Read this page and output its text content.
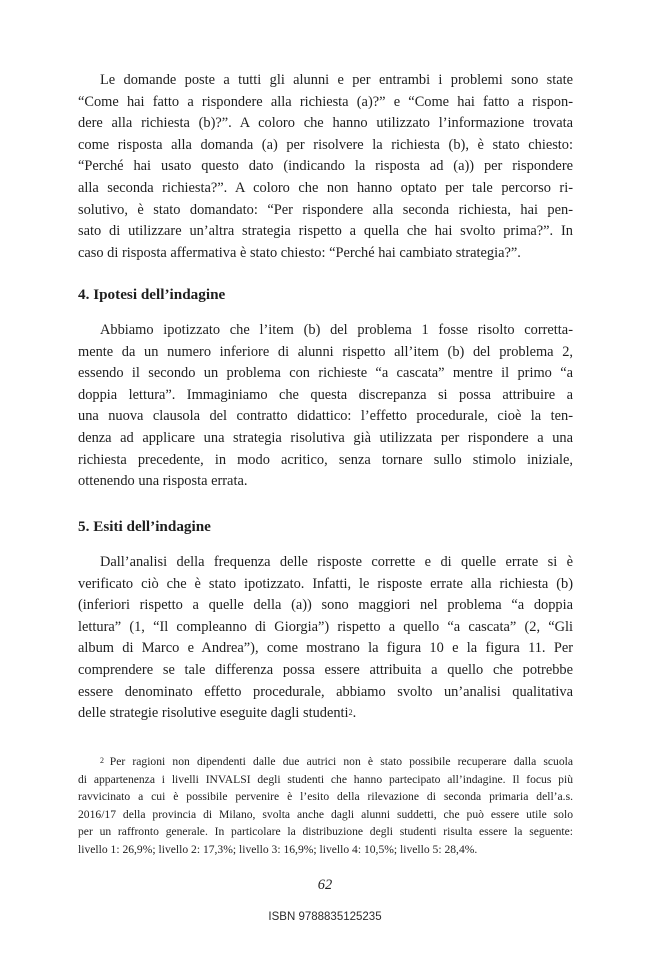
Le domande poste a tutti gli alunni e per entrambi i problemi sono state
“Come hai fatto a rispondere alla richiesta (a)?” e “Come hai fatto a rispon-
dere alla richiesta (b)?”. A coloro che hanno utilizzato l’informazione trovata
come risposta alla domanda (a) per risolvere la richiesta (b), è stato chiesto:
“Perché hai usato questo dato (indicando la risposta ad (a)) per rispondere
alla seconda richiesta?”. A coloro che non hanno optato per tale percorso ri-
solutivo, è stato domandato: “Per rispondere alla seconda richiesta, hai pen-
sato di utilizzare un’altra strategia rispetto a quella che hai svolto prima?”. In
caso di risposta affermativa è stato chiesto: “Perché hai cambiato strategia?”.
4. Ipotesi dell’indagine
Abbiamo ipotizzato che l’item (b) del problema 1 fosse risolto corretta-
mente da un numero inferiore di alunni rispetto all’item (b) del problema 2,
essendo il secondo un problema con richieste “a cascata” mentre il primo “a
doppia lettura”. Immaginiamo che questa discrepanza si possa attribuire a
una nuova clausola del contratto didattico: l’effetto procedurale, cioè la ten-
denza ad applicare una strategia risolutiva già utilizzata per rispondere a una
richiesta precedente, in modo acritico, senza tornare sullo stimolo iniziale,
ottenendo una risposta errata.
5. Esiti dell’indagine
Dall’analisi della frequenza delle risposte corrette e di quelle errate si è
verificato ciò che è stato ipotizzato. Infatti, le risposte errate alla richiesta (b)
(inferiori rispetto a quelle della (a)) sono maggiori nel problema “a doppia
lettura” (1, “Il compleanno di Giorgia”) rispetto a quello “a cascata” (2, “Gli
album di Marco e Andrea”), come mostrano la figura 10 e la figura 11. Per
comprendere se tale differenza possa essere attribuita a quello che potrebbe
essere denominato effetto procedurale, abbiamo svolto un’analisi qualitativa
delle strategie risolutive eseguite dagli studenti$^2$.
$^2$  Per ragioni non dipendenti dalle due autrici non è stato possibile recuperare dalla scuola
di appartenenza i livelli INVALSI degli studenti che hanno partecipato all’indagine. Il focus più
ravvicinato a cui è possibile pervenire è l’esito della rilevazione di seconda primaria dell’a.s.
2016/17 della provincia di Milano, svolta anche dagli alunni suddetti, che può essere utile solo
per un raffronto generale. In particolare la distribuzione degli studenti risulta essere la seguente:
livello 1: 26,9%; livello 2: 17,3%; livello 3: 16,9%; livello 4: 10,5%; livello 5: 28,4%.
62
ISBN 9788835125235
